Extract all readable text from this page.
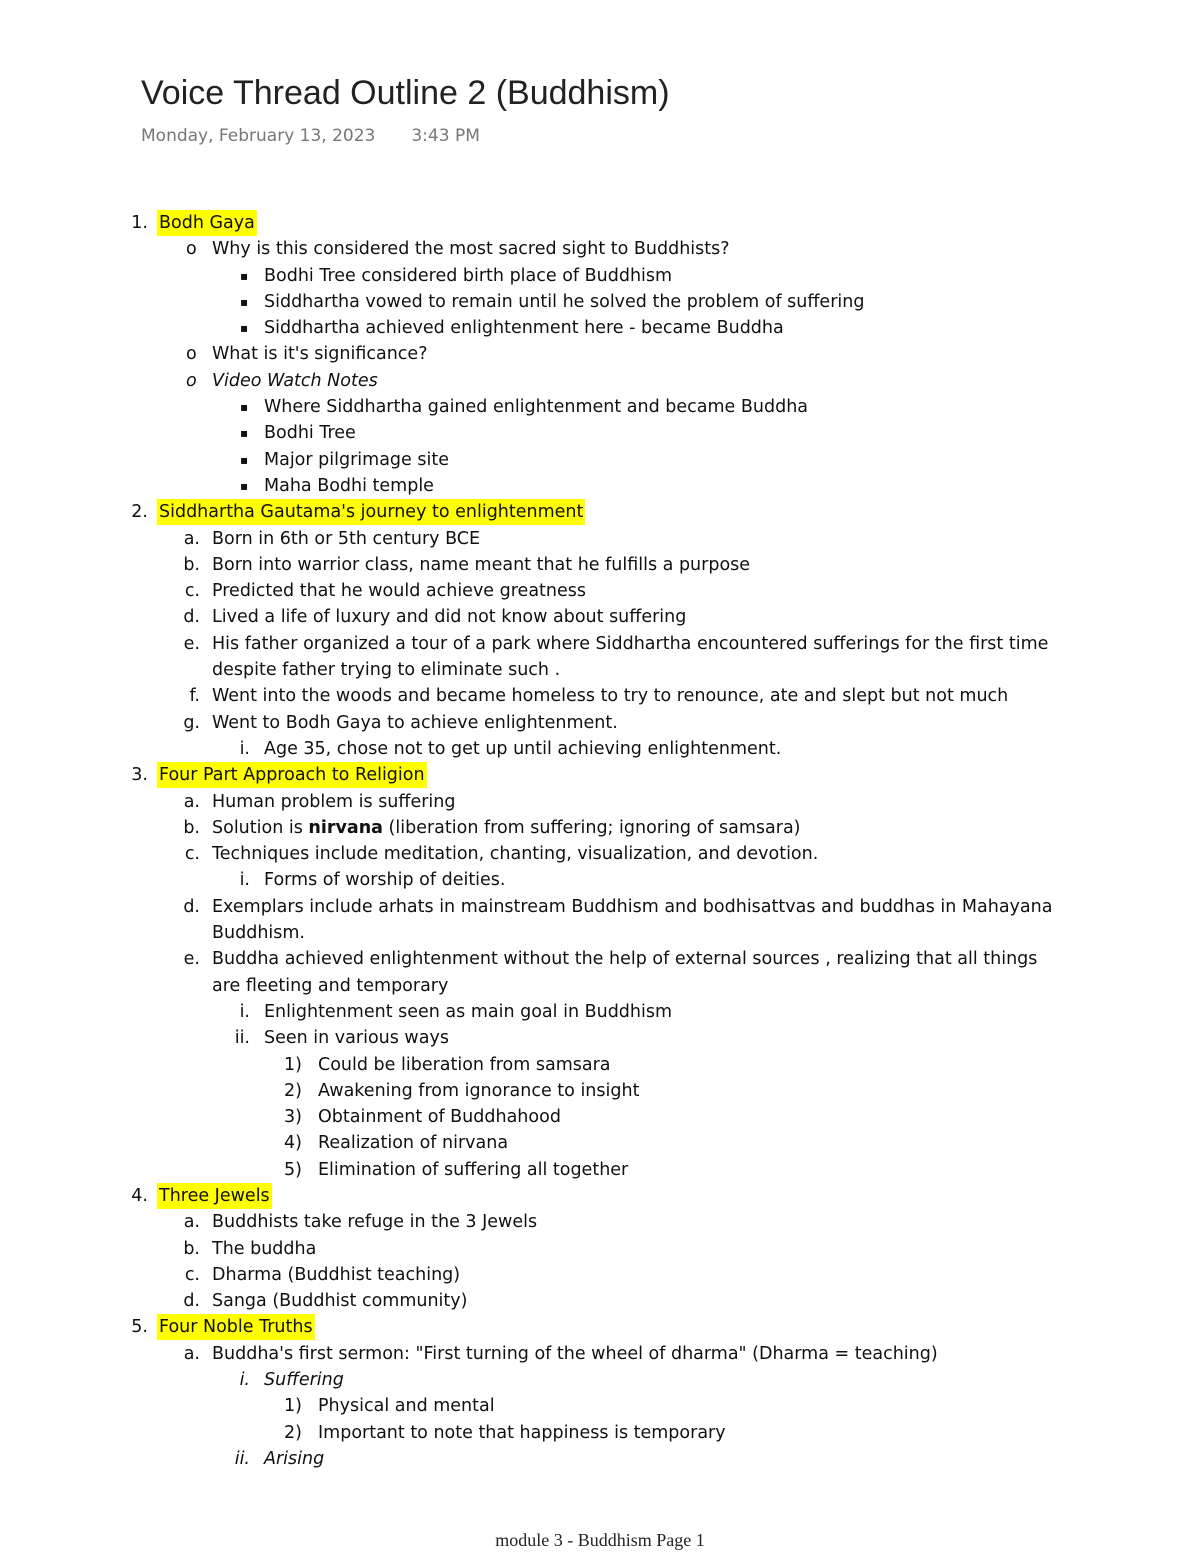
Voice Thread Outline 2 (Buddhism)
Monday, February 13, 2023 3:43 PM
1. Bodh Gaya
o Why is this considered the most sacred sight to Buddhists?
▪ Bodhi Tree considered birth place of Buddhism
▪ Siddhartha vowed to remain until he solved the problem of suffering
▪ Siddhartha achieved enlightenment here - became Buddha
o What is it's significance?
o Video Watch Notes
▪ Where Siddhartha gained enlightenment and became Buddha
▪ Bodhi Tree
▪ Major pilgrimage site
▪ Maha Bodhi temple
2. Siddhartha Gautama's journey to enlightenment
a. Born in 6th or 5th century BCE
b. Born into warrior class, name meant that he fulfills a purpose
c. Predicted that he would achieve greatness
d. Lived a life of luxury and did not know about suffering
e. His father organized a tour of a park where Siddhartha encountered sufferings for the first time
despite father trying to eliminate such .
f. Went into the woods and became homeless to try to renounce, ate and slept but not much
g. Went to Bodh Gaya to achieve enlightenment.
i. Age 35, chose not to get up until achieving enlightenment.
3. Four Part Approach to Religion
a. Human problem is suffering
b. Solution is nirvana (liberation from suffering; ignoring of samsara)
c. Techniques include meditation, chanting, visualization, and devotion.
i. Forms of worship of deities.
d. Exemplars include arhats in mainstream Buddhism and bodhisattvas and buddhas in Mahayana
Buddhism.
e. Buddha achieved enlightenment without the help of external sources , realizing that all things
are fleeting and temporary
i. Enlightenment seen as main goal in Buddhism
ii. Seen in various ways
1) Could be liberation from samsara
2) Awakening from ignorance to insight
3) Obtainment of Buddhahood
4) Realization of nirvana
5) Elimination of suffering all together
4. Three Jewels
a. Buddhists take refuge in the 3 Jewels
b. The buddha
c. Dharma (Buddhist teaching)
d. Sanga (Buddhist community)
5. Four Noble Truths
a. Buddha's first sermon: "First turning of the wheel of dharma" (Dharma = teaching)
i. Suffering
1) Physical and mental
2) Important to note that happiness is temporary
ii. Arising
module 3 - Buddhism Page 1
